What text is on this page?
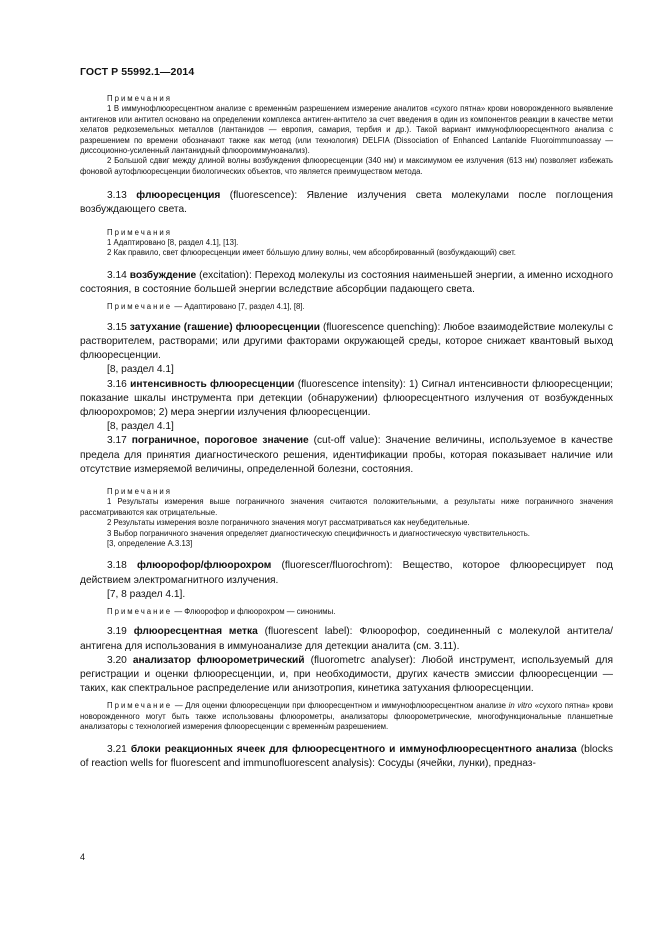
ГОСТ Р 55992.1—2014

Примечания

1 В иммунофлюоресцентном анализе с временны́м разрешением измерение аналитов «сухого пятна» крови новорожденного выявление антигенов или антител основано на определении комплекса антиген-антитело за счет введения в один из компонентов реакции в качестве метки хелатов редкоземельных металлов (лантанидов — европия, самария, тербия и др.). Такой вариант иммунофлюоресцентного анализа с разрешением по времени обозначают также как метод (или технология) DELFIA (Dissociation of Enhanced Lantanide Fluoroimmunoassay — диссоционно-усиленный лантанидный флюороиммуноанализ).

2 Большой сдвиг между длиной волны возбуждения флюоресценции (340 нм) и максимумом ее излучения (613 нм) позволяет избежать фоновой аутофлюоресценции биологических объектов, что является преимуществом метода.

3.13 флюоресценция (fluorescence): Явление излучения света молекулами после поглощения возбуждающего света.

Примечания

1 Адаптировано [8, раздел 4.1], [13].

2 Как правило, свет флюоресценции имеет бо́льшую длину волны, чем абсорбированный (возбуждающий) свет.

3.14 возбуждение (excitation): Переход молекулы из состояния наименьшей энергии, а именно исходного состояния, в состояние большей энергии вследствие абсорбции падающего света.

Примечание — Адаптировано [7, раздел 4.1], [8].

3.15 затухание (гашение) флюоресценции (fluorescence quenching): Любое взаимодействие молекулы с растворителем, растворами; или другими факторами окружающей среды, которое снижает квантовый выход флюоресценции.

[8, раздел 4.1]

3.16 интенсивность флюоресценции (fluorescence intensity): 1) Сигнал интенсивности флюоресценции; показание шкалы инструмента при детекции (обнаружении) флюоресцентного излучения от возбужденных флюорохромов; 2) мера энергии излучения флюоресценции.

[8, раздел 4.1]

3.17 пограничное, пороговое значение (cut-off value): Значение величины, используемое в качестве предела для принятия диагностического решения, идентификации пробы, которая показывает наличие или отсутствие измеряемой величины, определенной болезни, состояния.

Примечания

1 Результаты измерения выше пограничного значения считаются положительными, а результаты ниже пограничного значения рассматриваются как отрицательные.

2 Результаты измерения возле пограничного значения могут рассматриваться как неубедительные.

3 Выбор пограничного значения определяет диагностическую специфичность и диагностическую чувствительность.

[3, определение А.3.13]

3.18 флюорофор/флюорохром (fluorescer/fluorochrom): Вещество, которое флюоресцирует под действием электромагнитного излучения.

[7, 8 раздел 4.1].

Примечание — Флюорофор и флюорохром — синонимы.

3.19 флюоресцентная метка (fluorescent label): Флюорофор, соединенный с молекулой антитела/антигена для использования в иммуноанализе для детекции аналита (см. 3.11).

3.20 анализатор флюорометрический (fluorometrc analyser): Любой инструмент, используемый для регистрации и оценки флюоресценции, и, при необходимости, других качеств эмиссии флюоресценции — таких, как спектральное распределение или анизотропия, кинетика затухания флюоресценции.

Примечание — Для оценки флюоресценции при флюоресцентном и иммунофлюоресцентном анализе in vitro «сухого пятна» крови новорожденного могут быть также использованы флюорометры, анализаторы флюорометрические, многофункциональные планшетные анализаторы с технологией измерения флюоресценции с временны́м разрешением.

3.21 блоки реакционных ячеек для флюоресцентного и иммунофлюоресцентного анализа (blocks of reaction wells for fluorescent and immunofluorescent analysis): Сосуды (ячейки, лунки), предназ-

4
